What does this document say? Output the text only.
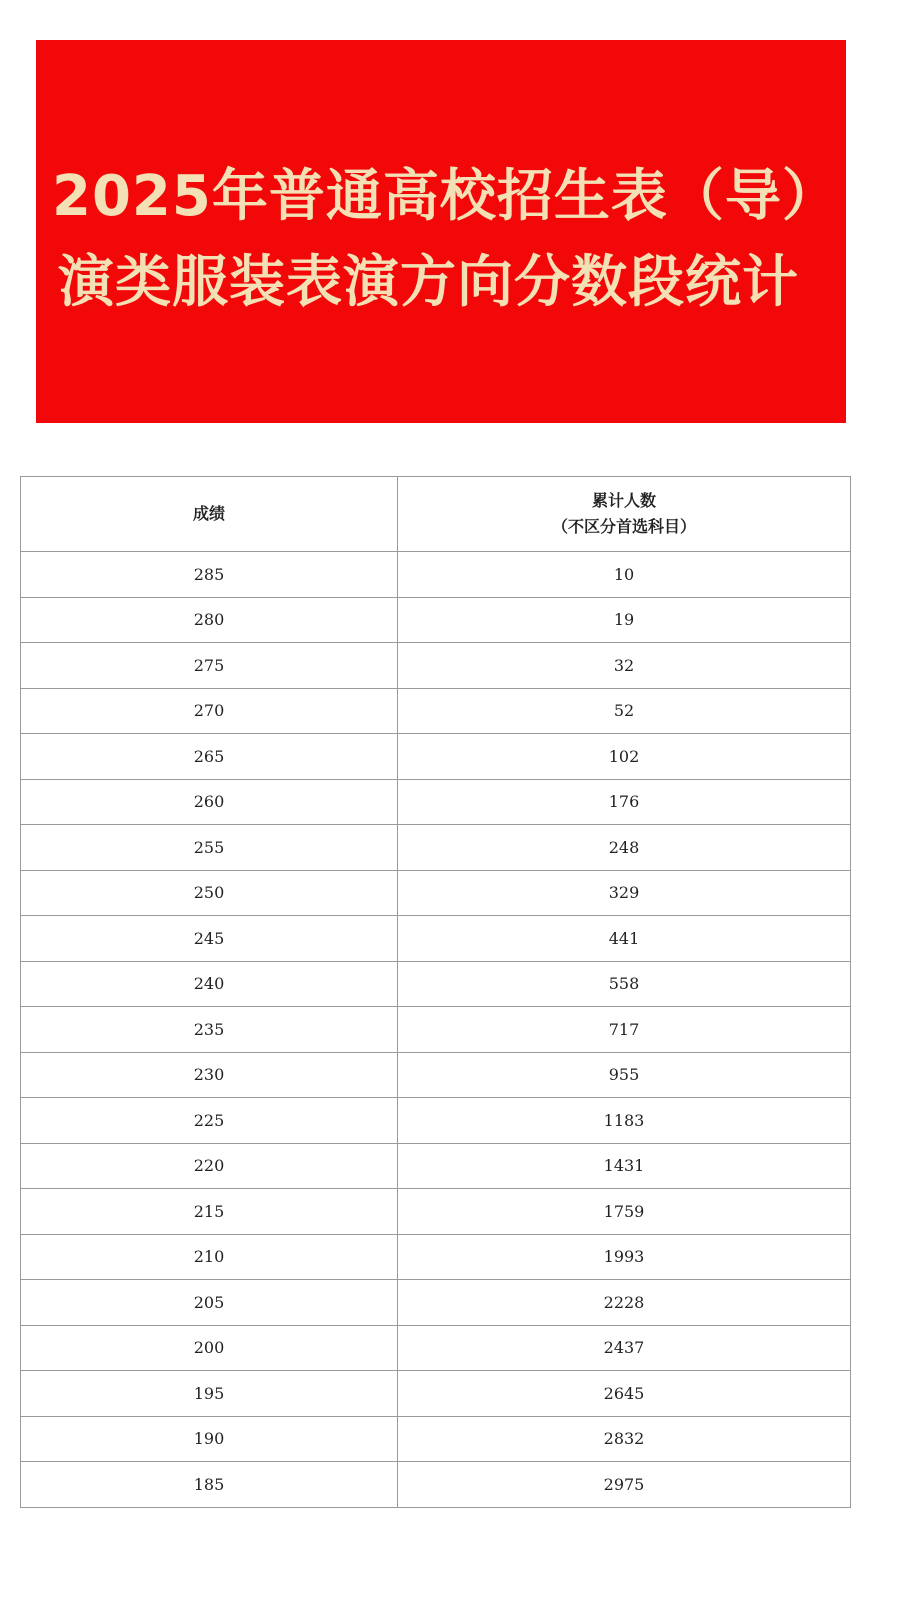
2025年普通高校招生表（导）
演类服装表演方向分数段统计
成绩	累计人数
（不区分首选科目）

285	10
280	19
275	32
270	52
265	102
260	176
255	248
250	329
245	441
240	558
235	717
230	955
225	1183
220	1431
215	1759
210	1993
205	2228
200	2437
195	2645
190	2832
185	2975
